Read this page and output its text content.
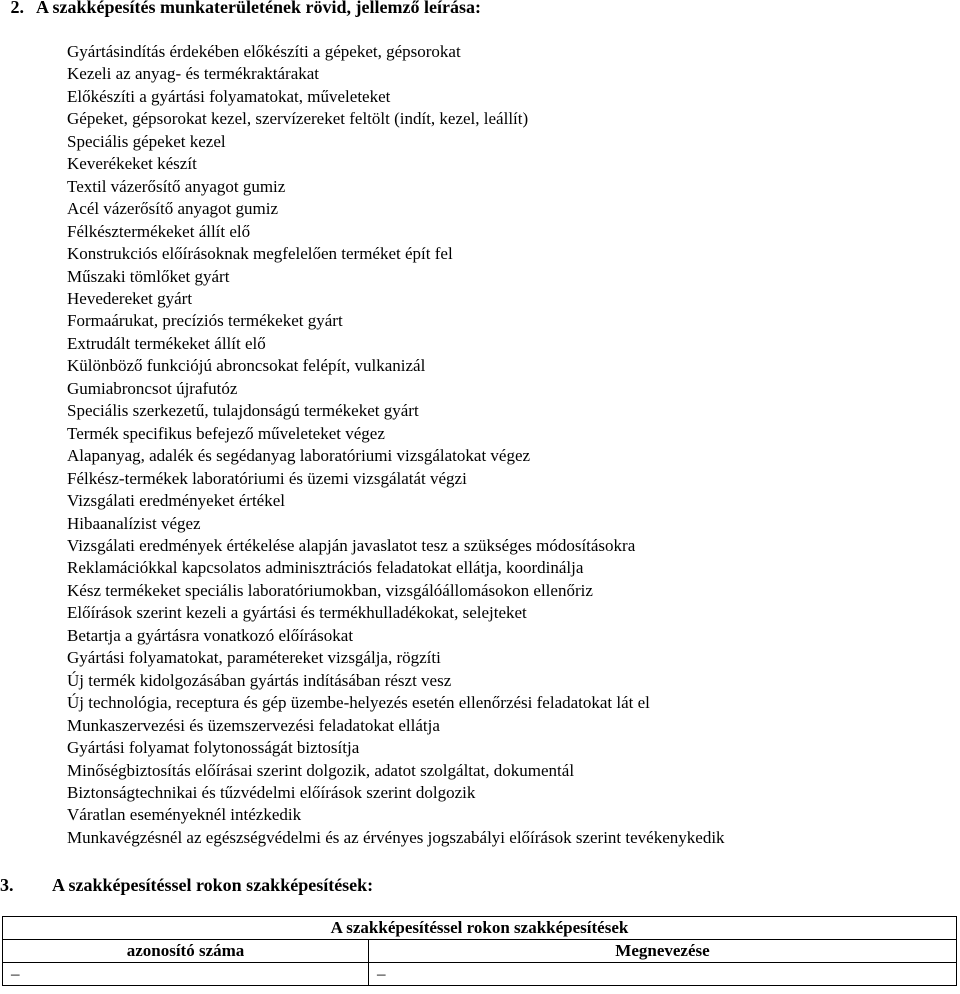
2. A szakképesítés munkaterületének rövid, jellemző leírása:
Gyártásindítás érdekében előkészíti a gépeket, gépsorokat
Kezeli az anyag- és termékraktárakat
Előkészíti a gyártási folyamatokat, műveleteket
Gépeket, gépsorokat kezel, szervízereket feltölt (indít, kezel, leállít)
Speciális gépeket kezel
Keverékeket készít
Textil vázerősítő anyagot gumiz
Acél vázerősítő anyagot gumiz
Félkésztermékeket állít elő
Konstrukciós előírásoknak megfelelően terméket épít fel
Műszaki tömlőket gyárt
Hevedereket gyárt
Formaárukat, precíziós termékeket gyárt
Extrudált termékeket állít elő
Különböző funkciójú abroncsokat felépít, vulkanizál
Gumiabroncsot újrafutóz
Speciális szerkezetű, tulajdonságú termékeket gyárt
Termék specifikus befejező műveleteket végez
Alapanyag, adalék és segédanyag laboratóriumi vizsgálatokat végez
Félkész-termékek laboratóriumi és üzemi vizsgálatát végzi
Vizsgálati eredményeket értékel
Hibaanalízist végez
Vizsgálati eredmények értékelése alapján javaslatot tesz a szükséges módosításokra
Reklamációkkal kapcsolatos adminisztrációs feladatokat ellátja, koordinálja
Kész termékeket speciális laboratóriumokban, vizsgálóállomásokon ellenőriz
Előírások szerint kezeli a gyártási és termékhulladékokat, selejteket
Betartja a gyártásra vonatkozó előírásokat
Gyártási folyamatokat, paramétereket vizsgálja, rögzíti
Új termék kidolgozásában gyártás indításában részt vesz
Új technológia, receptura és gép üzembe-helyezés esetén ellenőrzési feladatokat lát el
Munkaszervezési és üzemszervezési feladatokat ellátja
Gyártási folyamat folytonosságát biztosítja
Minőségbiztosítás előírásai szerint dolgozik, adatot szolgáltat, dokumentál
Biztonságtechnikai és tűzvédelmi előírások szerint dolgozik
Váratlan eseményeknél intézkedik
Munkavégzésnél az egészségvédelmi és az érvényes jogszabályi előírások szerint tevékenykedik
3. A szakképesítéssel rokon szakképesítések:
A szakképesítéssel rokon szakképesítések	
azonosító száma	Megnevezése
–	–
